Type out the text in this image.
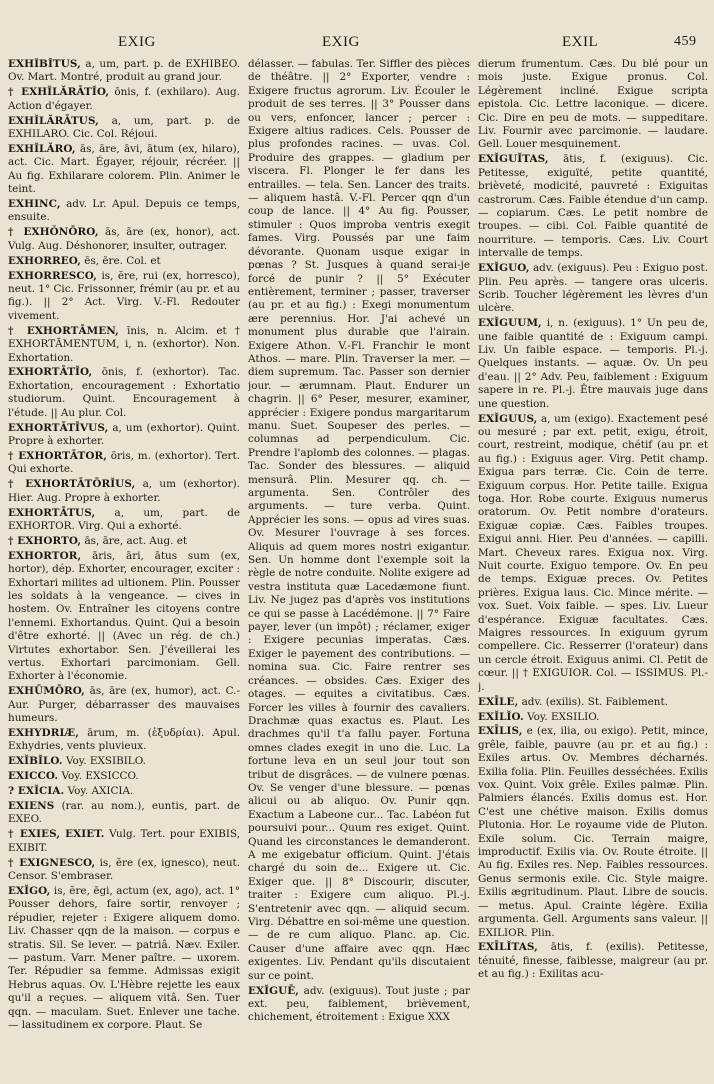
EXIG	EXIG	EXIL	459

EXHĪBĬTUS, a, um, part. p. de EXHIBEO. Ov. Mart. Montré, produit au grand jour.

† EXHĬLĂRĀTĬO, ōnis, f. (exhilaro). Aug. Action d'égayer.

EXHĬLĂRĀTUS, a, um, part. p. de EXHILARO. Cic. Col. Réjoui.

EXHĬLĂRO, ās, āre, āvi, ātum (ex, hilaro), act. Cic. Mart. Égayer, réjouir, récréer. || Au fig. Exhilarare colorem. Plin. Animer le teint.

EXHINC, adv. Lr. Apul. Depuis ce temps, ensuite.

† EXHŎNŌRO, ās, āre (ex, honor), act. Vulg. Aug. Déshonorer, insulter, outrager.

EXHORREO, ēs, ēre. Col. et

EXHORRESCO, is, ĕre, rui (ex, horresco), neut. 1° Cic. Frissonner, frémir (au pr. et au fig.). || 2° Act. Virg. V.-Fl. Redouter vivement.

† EXHORTĀMEN, ĭnis, n. Alcim. et † EXHORTĀMENTUM, i, n. (exhortor). Non. Exhortation.

EXHORTĀTĬO, ōnis, f. (exhortor). Tac. Exhortation, encouragement : Exhortatio studiorum. Quint. Encouragement à l'étude. || Au plur. Col.

EXHORTĀTĪVUS, a, um (exhortor). Quint. Propre à exhorter.

† EXHORTĀTOR, ōris, m. (exhortor). Tert. Qui exhorte.

† EXHORTĀTŌRĬUS, a, um (exhortor). Hier. Aug. Propre à exhorter.

EXHORTĀTUS, a, um, part. de EXHORTOR. Virg. Qui a exhorté.

† EXHORTO, ās, āre, act. Aug. et

EXHORTOR, āris, āri, ātus sum (ex, hortor), dép. Exhorter, encourager, exciter : Exhortari milites ad ultionem. Plin. Pousser les soldats à la vengeance. — cives in hostem. Ov. Entraîner les citoyens contre l'ennemi. Exhortandus. Quint. Qui a besoin d'être exhorté. || (Avec un rég. de ch.) Virtutes exhortabor. Sen. J'éveillerai les vertus. Exhortari parcimoniam. Gell. Exhorter à l'économie.

EXHŪMŌRO, ās, āre (ex, humor), act. C.-Aur. Purger, débarrasser des mauvaises humeurs.

EXHYDRIÆ, ārum, m. (ἐξυδρίαι). Apul. Exhydries, vents pluvieux.

EXĬBĬLO. Voy. EXSIBILO.

EXICCO. Voy. EXSICCO.

? EXĬCIA. Voy. AXICIA.

EXIENS (rar. au nom.), euntis, part. de EXEO.

† EXIES, EXIET. Vulg. Tert. pour EXIBIS, EXIBIT.

† EXIGNESCO, is, ĕre (ex, ignesco), neut. Censor. S'embraser.

EXĬGO, is, ĕre, ēgi, actum (ex, ago), act. 1° Pousser dehors, faire sortir, renvoyer ; répudier, rejeter : Exigere aliquem domo. Liv. Chasser qqn de la maison. — corpus e stratis. Sil. Se lever. — patriâ. Næv. Exiler. — pastum. Varr. Mener paître. — uxorem. Ter. Répudier sa femme. Admissas exigit Hebrus aquas. Ov. L'Hèbre rejette les eaux qu'il a reçues. — aliquem vitâ. Sen. Tuer qqn. — maculam. Suet. Enlever une tache. — lassitudinem ex corpore. Plaut. Se

délasser. — fabulas. Ter. Siffler des pièces de théâtre. || 2° Exporter, vendre : Exigere fructus agrorum. Liv. Écouler le produit de ses terres. || 3° Pousser dans ou vers, enfoncer, lancer ; percer : Exigere altius radices. Cels. Pousser de plus profondes racines. — uvas. Col. Produire des grappes. — gladium per viscera. Fl. Plonger le fer dans les entrailles. — tela. Sen. Lancer des traits. — aliquem hastâ. V.-Fl. Percer qqn d'un coup de lance. || 4° Au fig. Pousser, stimuler : Quos improba ventris exegit fames. Virg. Poussés par une faim dévorante. Quonam usque exigar in pœnas ? St. Jusques à quand serai-je forcé de punir ? || 5° Exécuter entièrement, terminer ; passer, traverser (au pr. et au fig.) : Exegi monumentum ære perennius. Hor. J'ai achevé un monument plus durable que l'airain. Exigere Athon. V.-Fl. Franchir le mont Athos. — mare. Plin. Traverser la mer. — diem supremum. Tac. Passer son dernier jour. — ærumnam. Plaut. Endurer un chagrin. || 6° Peser, mesurer, examiner, apprécier : Exigere pondus margaritarum manu. Suet. Soupeser des perles. — columnas ad perpendiculum. Cic. Prendre l'aplomb des colonnes. — plagas. Tac. Sonder des blessures. — aliquid mensurâ. Plin. Mesurer qq. ch. — argumenta. Sen. Contrôler des arguments. — ture verba. Quint. Apprécier les sons. — opus ad vires suas. Ov. Mesurer l'ouvrage à ses forces. Aliquis ad quem mores nostri exigantur. Sen. Un homme dont l'exemple soit la règle de notre conduite. Nolite exigere ad vestra instituta quæ Lacedæmone fiunt. Liv. Ne jugez pas d'après vos institutions ce qui se passe à Lacédémone. || 7° Faire payer, lever (un impôt) ; réclamer, exiger : Exigere pecunias imperatas. Cæs. Exiger le payement des contributions. — nomina sua. Cic. Faire rentrer ses créances. — obsides. Cæs. Exiger des otages. — equites a civitatibus. Cæs. Forcer les villes à fournir des cavaliers. Drachmæ quas exactus es. Plaut. Les drachmes qu'il t'a fallu payer. Fortuna omnes clades exegit in uno die. Luc. La fortune leva en un seul jour tout son tribut de disgrâces. — de vulnere pœnas. Ov. Se venger d'une blessure. — pœnas alicui ou ab aliquo. Ov. Punir qqn. Exactum a Labeone cur... Tac. Labéon fut poursuivi pour... Quum res exiget. Quint. Quand les circonstances le demanderont. A me exigebatur officium. Quint. J'étais chargé du soin de... Exigere ut. Cic. Exiger que. || 8° Discourir, discuter, traiter : Exigere cum aliquo. Pl.-j. S'entretenir avec qqn. — aliquid secum. Virg. Débattre en soi-même une question. — de re cum aliquo. Planc. ap. Cic. Causer d'une affaire avec qqn. Hæc exigentes. Liv. Pendant qu'ils discutaient sur ce point.

EXĬGUĒ, adv. (exiguus). Tout juste ; par ext. peu, faiblement, brièvement, chichement, étroitement : Exigue XXX

dierum frumentum. Cæs. Du blé pour un mois juste. Exigue pronus. Col. Légèrement incliné. Exigue scripta epistola. Cic. Lettre laconique. — dicere. Cic. Dire en peu de mots. — suppeditare. Liv. Fournir avec parcimonie. — laudare. Gell. Louer mesquinement.

EXĬGUĬTAS, ātis, f. (exiguus). Cic. Petitesse, exiguïté, petite quantité, brièveté, modicité, pauvreté : Exiguitas castrorum. Cæs. Faible étendue d'un camp. — copiarum. Cæs. Le petit nombre de troupes. — cibi. Col. Faible quantité de nourriture. — temporis. Cæs. Liv. Court intervalle de temps.

EXĬGUO, adv. (exiguus). Peu : Exiguo post. Plin. Peu après. — tangere oras ulceris. Scrib. Toucher légèrement les lèvres d'un ulcère.

EXĬGUUM, i, n. (exiguus). 1° Un peu de, une faible quantité de : Exiguum campi. Liv. Un faible espace. — temporis. Pl.-j. Quelques instants. — aquæ. Ov. Un peu d'eau. || 2° Adv. Peu, faiblement : Exiguum sapere in re. Pl.-j. Être mauvais juge dans une question.

EXĬGUUS, a, um (exigo). Exactement pesé ou mesuré ; par ext. petit, exigu, étroit, court, restreint, modique, chétif (au pr. et au fig.) : Exiguus ager. Virg. Petit champ. Exigua pars terræ. Cic. Coin de terre. Exiguum corpus. Hor. Petite taille. Exigua toga. Hor. Robe courte. Exiguus numerus oratorum. Ov. Petit nombre d'orateurs. Exiguæ copiæ. Cæs. Faibles troupes. Exigui anni. Hier. Peu d'années. — capilli. Mart. Cheveux rares. Exigua nox. Virg. Nuit courte. Exiguo tempore. Ov. En peu de temps. Exiguæ preces. Ov. Petites prières. Exigua laus. Cic. Mince mérite. — vox. Suet. Voix faible. — spes. Liv. Lueur d'espérance. Exiguæ facultates. Cæs. Maigres ressources. In exiguum gyrum compellere. Cic. Resserrer (l'orateur) dans un cercle étroit. Exiguus animi. Cl. Petit de cœur. || † EXIGUIOR. Col. — ISSIMUS. Pl.-j.

EXĪLE, adv. (exilis). St. Faiblement.

EXĬLĬO. Voy. EXSILIO.

EXĪLIS, e (ex, ilia, ou exigo). Petit, mince, grêle, faible, pauvre (au pr. et au fig.) : Exiles artus. Ov. Membres décharnés. Exilia folia. Plin. Feuilles desséchées. Exilis vox. Quint. Voix grêle. Exiles palmæ. Plin. Palmiers élancés. Exilis domus est. Hor. C'est une chétive maison. Exilis domus Plutonia. Hor. Le royaume vide de Pluton. Exile solum. Cic. Terrain maigre, improductif. Exilis via. Ov. Route étroite. || Au fig. Exiles res. Nep. Faibles ressources. Genus sermonis exile. Cic. Style maigre. Exilis ægritudinum. Plaut. Libre de soucis. — metus. Apul. Crainte légère. Exilia argumenta. Gell. Arguments sans valeur. || EXILIOR. Plin.

EXĪLĬTAS, ātis, f. (exilis). Petitesse, ténuité, finesse, faiblesse, maigreur (au pr. et au fig.) : Exilitas acu-
